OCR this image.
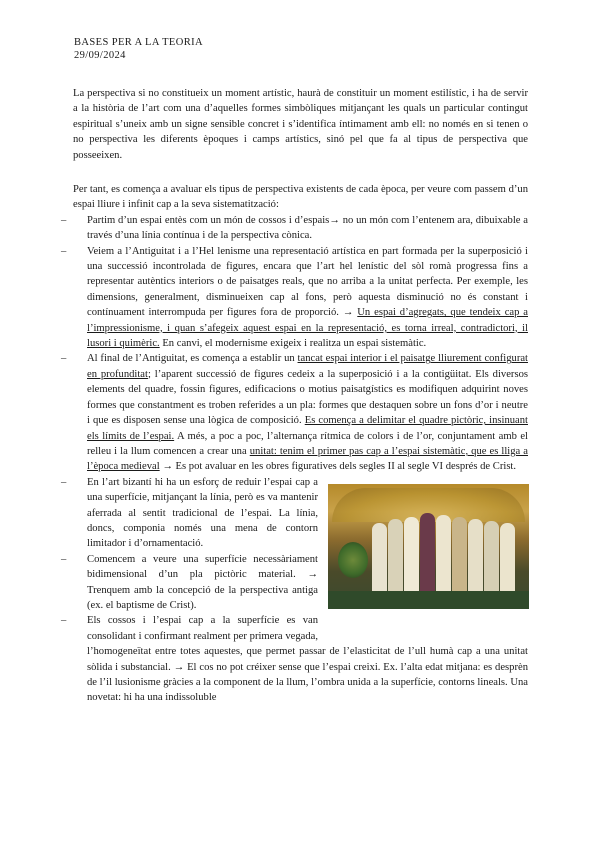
BASES PER A LA TEORIA
29/09/2024
La perspectiva si no constitueix un moment artístic, haurà de constituir un moment estilístic, i ha de servir a la història de l’art com una d’aquelles formes simbòliques mitjançant les quals un particular contingut espiritual s’uneix amb un signe sensible concret i s’identifica íntimament amb ell: no només en si tenen o no perspectiva les diferents èpoques i camps artístics, sinó pel que fa al tipus de perspectiva que posseeixen.
Per tant, es comença a avaluar els tipus de perspectiva existents de cada època, per veure com passem d’un espai lliure i infinit cap a la seva sistematització:
– Partim d’un espai entès com un món de cossos i d’espais→ no un món com l’entenem ara, dibuixable a través d’una línia contínua i de la perspectiva cònica.
– Veiem a l’Antiguitat i a l’Hel lenisme una representació artística en part formada per la superposició i una successió incontrolada de figures, encara que l’art hel lenístic del sòl romà progressa fins a representar autèntics interiors o de paisatges reals, que no arriba a la unitat perfecta. Per exemple, les dimensions, generalment, disminueixen cap al fons, però aquesta disminució no és constant i contínuament interrompuda per figures fora de proporció. → Un espai d’agregats, que tendeix cap a l’impressionisme, i quan s’afegeix aquest espai en la representació, es torna irreal, contradictori, il lusori i quimèric. En canvi, el modernisme exigeix i realitza un espai sistemàtic.
– Al final de l’Antiguitat, es comença a establir un tancat espai interior i el paisatge lliurement configurat en profunditat; l’aparent successió de figures cedeix a la superposició i a la contigüitat. Els diversos elements del quadre, fossin figures, edificacions o motius paisatgístics es modifiquen adquirint noves formes que constantment es troben referides a un pla: formes que destaquen sobre un fons d’or i neutre i que es disposen sense una lògica de composició. Es comença a delimitar el quadre pictòric, insinuant els límits de l’espai. A més, a poc a poc, l’alternança rítmica de colors i de l’or, conjuntament amb el relleu i la llum comencen a crear una unitat: tenim el primer pas cap a l’espai sistemàtic, que es lliga a l’època medieval → Es pot avaluar en les obres figuratives dels segles II al segle VI després de Crist.
– En l’art bizantí hi ha un esforç de reduir l’espai cap a una superfície, mitjançant la línia, però es va mantenir aferrada al sentit tradicional de l’espai. La línia, doncs, componia només una mena de contorn limitador i d’ornamentació.
– Comencem a veure una superfície necessàriament bidimensional d’un pla pictòric material. → Trenquem amb la concepció de la perspectiva antiga (ex. el baptisme de Crist).
– Els cossos i l’espai cap a la superfície es van consolidant i confirmant realment per primera vegada, l’homogeneïtat entre totes aquestes, que permet passar de l’elasticitat de l’ull humà cap a una unitat sòlida i substancial. → El cos no pot créixer sense que l’espai creixi. Ex. l’alta edat mitjana: es desprèn de l’il lusionisme gràcies a la component de la llum, l’ombra unida a la superfície, contorns lineals. Una novetat: hi ha una indissoluble
